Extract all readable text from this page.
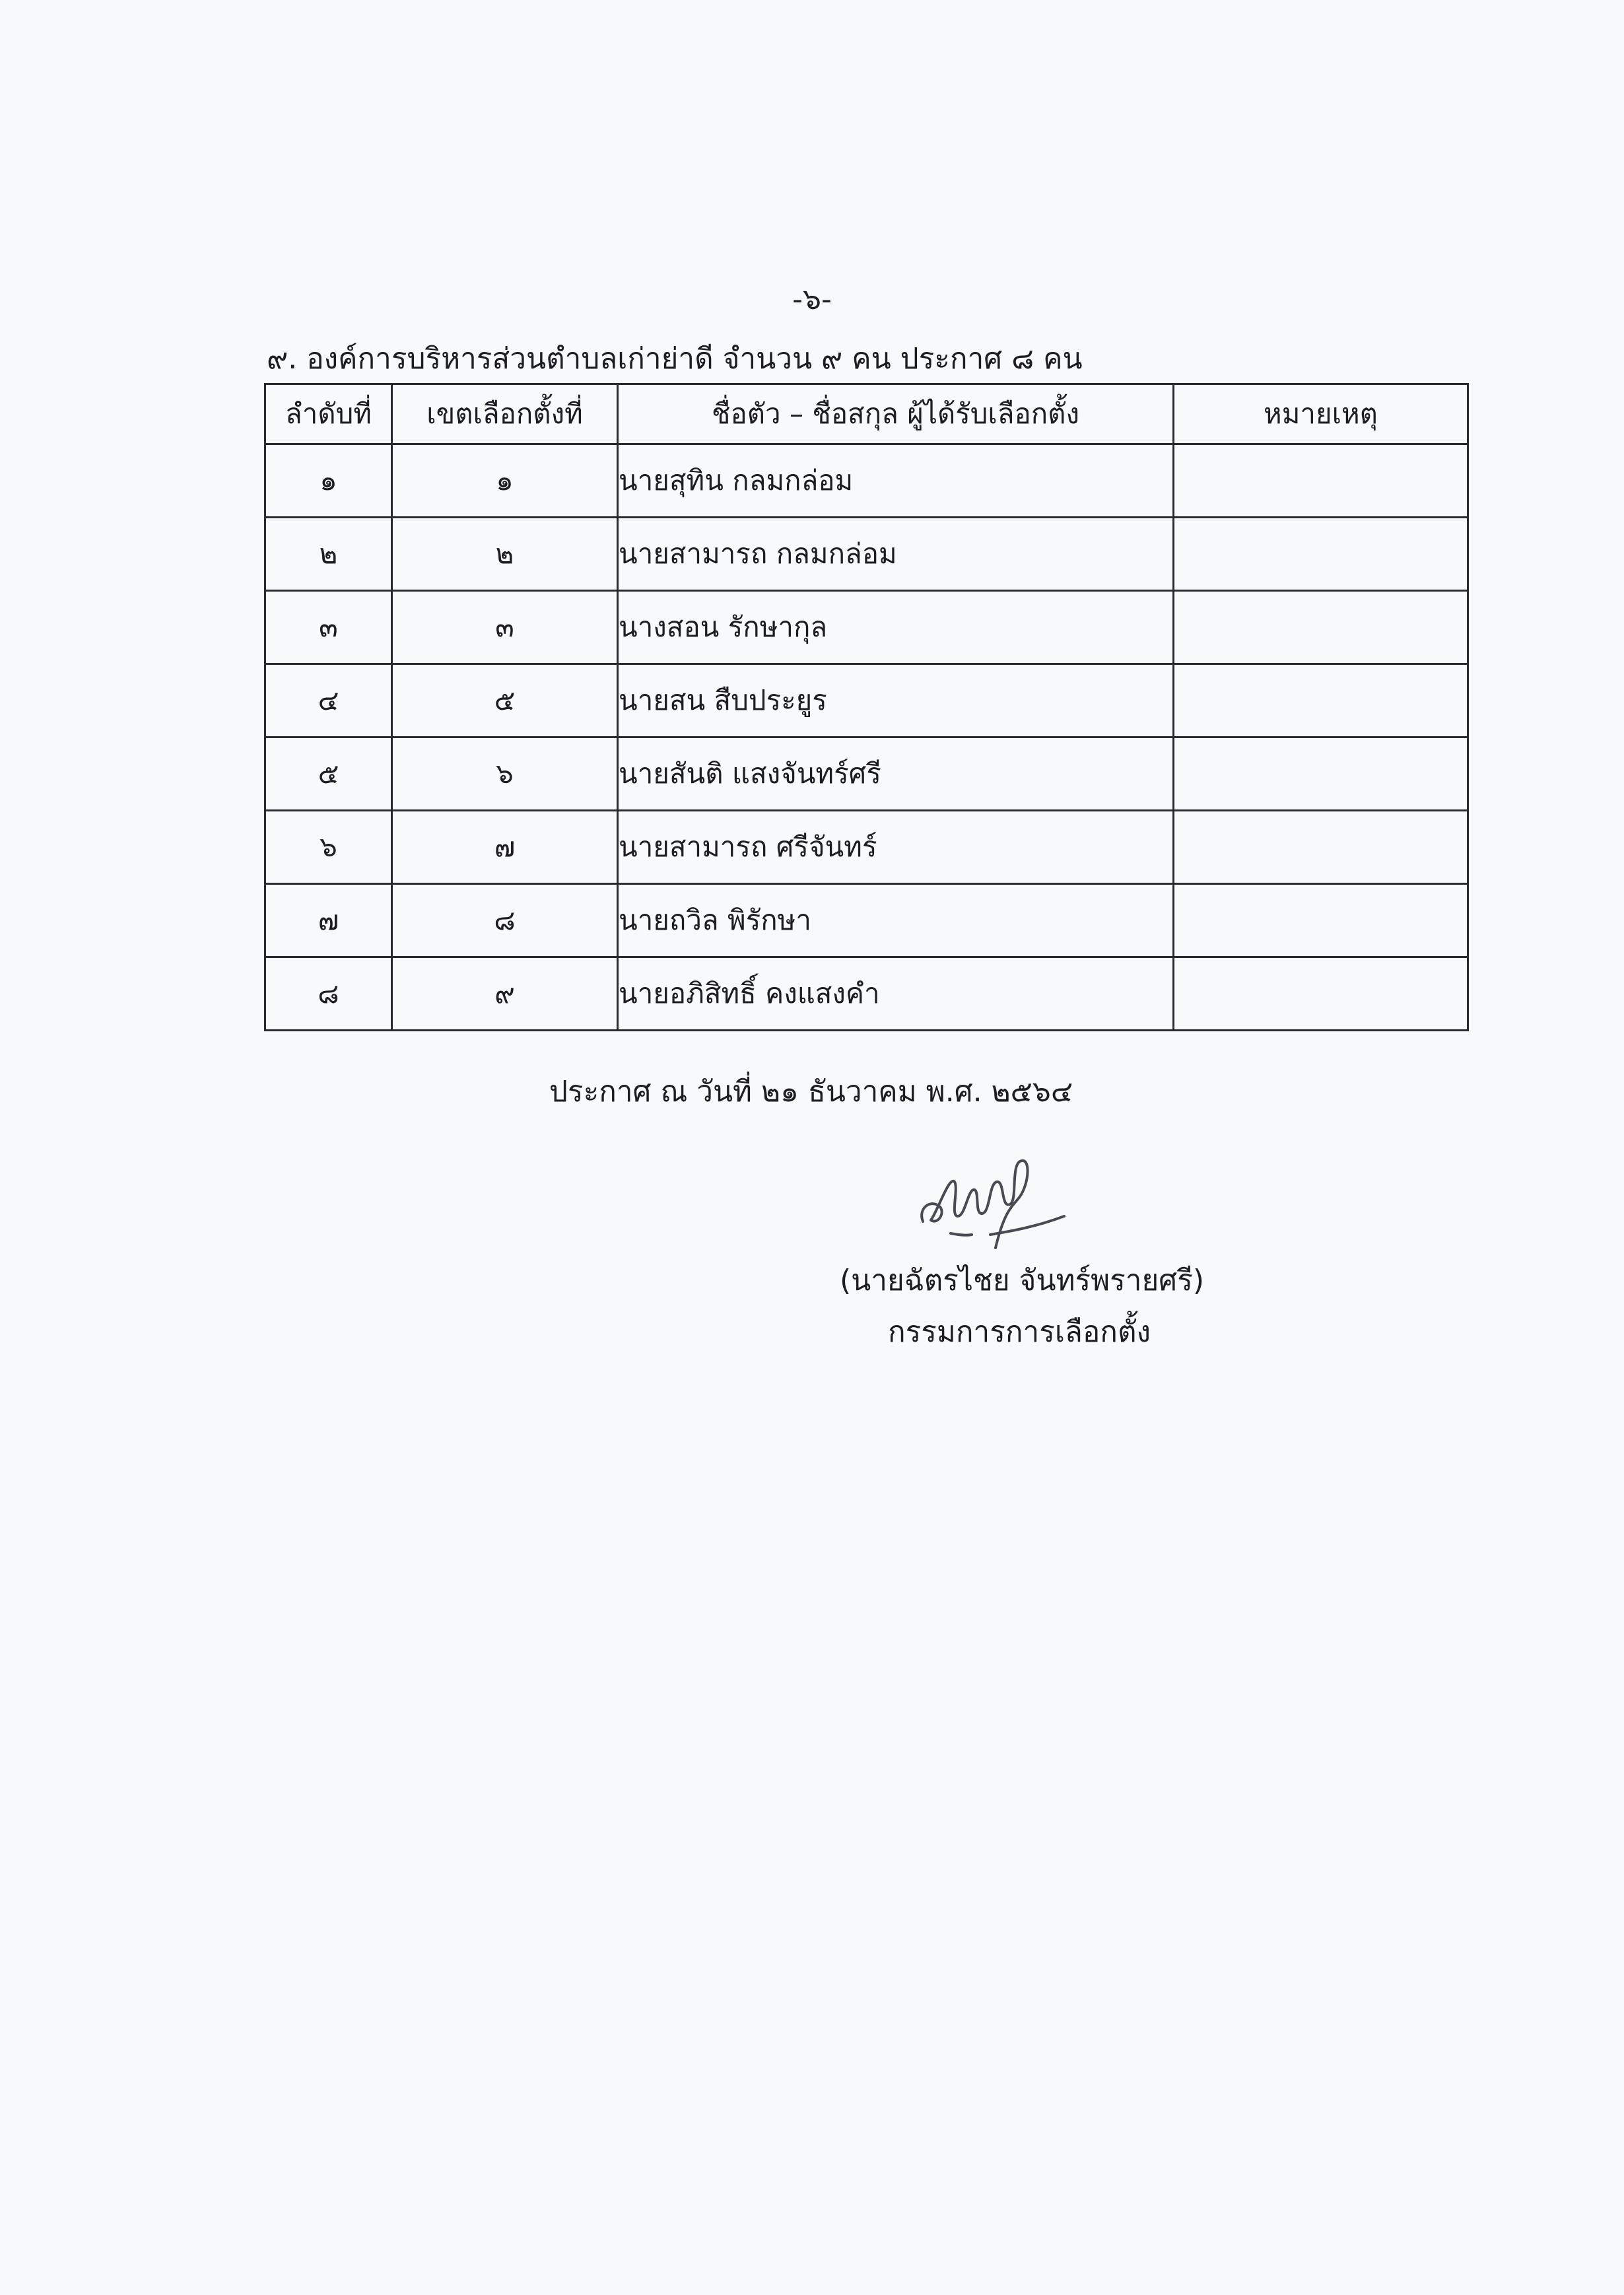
-๖-
๙. องค์การบริหารส่วนตำบลเก่าย่าดี จำนวน ๙ คน ประกาศ ๘ คน
ลำดับที่	เขตเลือกตั้งที่	ชื่อตัว – ชื่อสกุล ผู้ได้รับเลือกตั้ง	หมายเหตุ
๑	๑	นายสุทิน กลมกล่อม	
๒	๒	นายสามารถ กลมกล่อม	
๓	๓	นางสอน รักษากุล	
๔	๕	นายสน สืบประยูร	
๕	๖	นายสันติ แสงจันทร์ศรี	
๖	๗	นายสามารถ ศรีจันทร์	
๗	๘	นายถวิล พิรักษา	
๘	๙	นายอภิสิทธิ์ คงแสงคำ	
ประกาศ ณ วันที่ ๒๑ ธันวาคม พ.ศ. ๒๕๖๔
(นายฉัตรไชย จันทร์พรายศรี)
กรรมการการเลือกตั้ง
